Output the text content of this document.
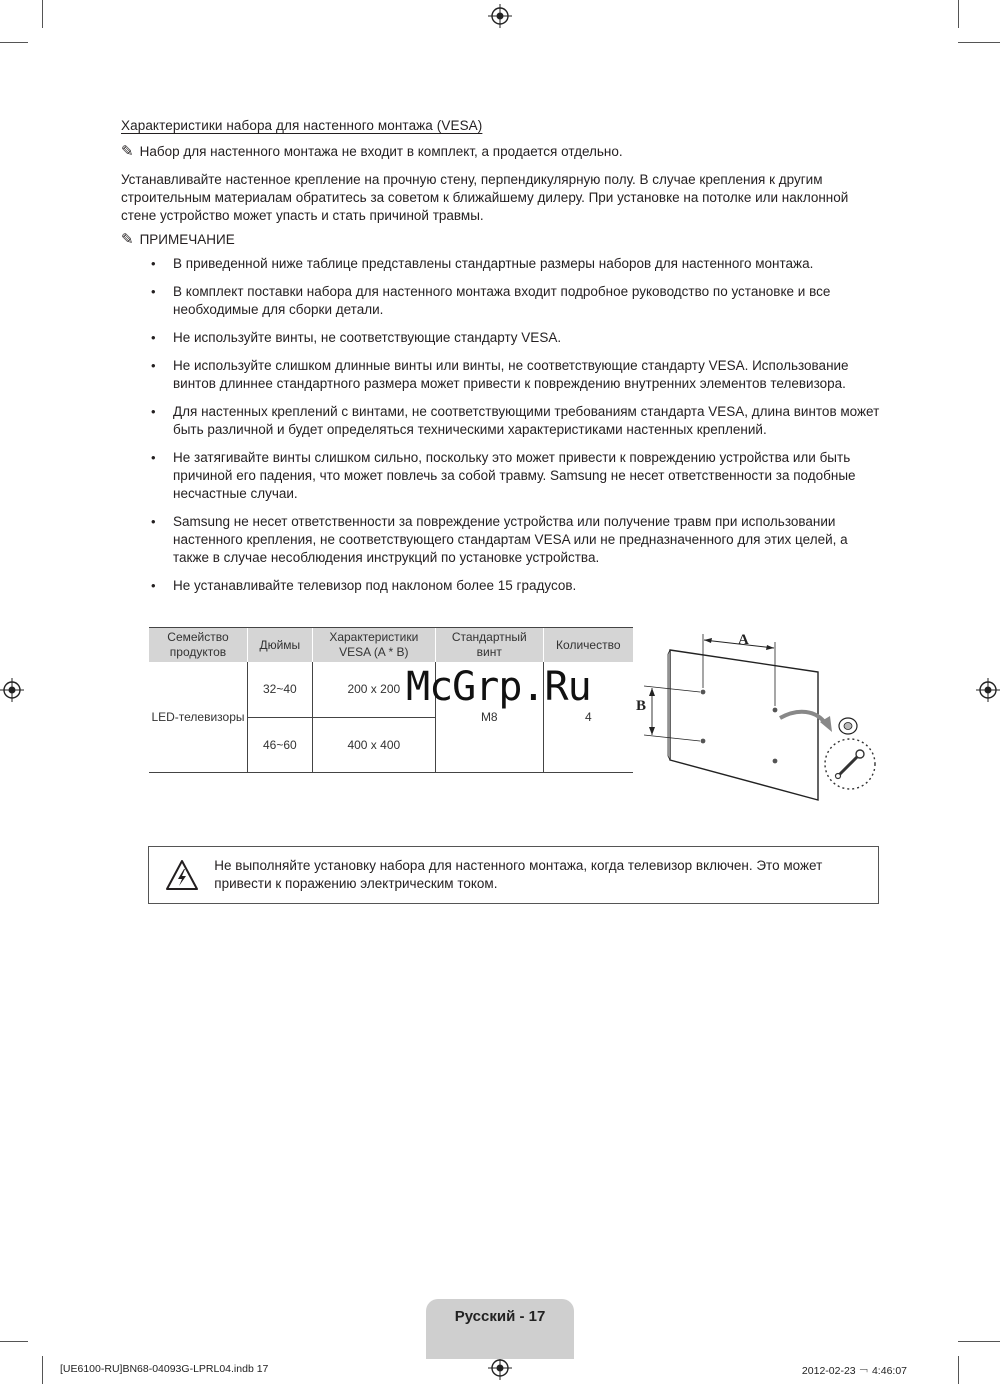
Характеристики набора для настенного монтажа (VESA)
✎ Набор для настенного монтажа не входит в комплект, а продается отдельно.

Устанавливайте настенное крепление на прочную стену, перпендикулярную полу. В случае крепления к другим строительным материалам обратитесь за советом к ближайшему дилеру. При установке на потолке или наклонной стене устройство может упасть и стать причиной травмы.

✎ ПРИМЕЧАНИЕ
• В приведенной ниже таблице представлены стандартные размеры наборов для настенного монтажа.
• В комплект поставки набора для настенного монтажа входит подробное руководство по установке и все необходимые для сборки детали.
• Не используйте винты, не соответствующие стандарту VESA.
• Не используйте слишком длинные винты или винты, не соответствующие стандарту VESA. Использование винтов длиннее стандартного размера может привести к повреждению внутренних элементов телевизора.
• Для настенных креплений с винтами, не соответствующими требованиям стандарта VESA, длина винтов может быть различной и будет определяться техническими характеристиками настенных креплений.
• Не затягивайте винты слишком сильно, поскольку это может привести к повреждению устройства или быть причиной его падения, что может повлечь за собой травму. Samsung не несет ответственности за подобные несчастные случаи.
• Samsung не несет ответственности за повреждение устройства или получение травм при использовании настенного крепления, не соответствующего стандартам VESA или не предназначенного для этих целей, а также в случае несоблюдения инструкций по установке устройства.
• Не устанавливайте телевизор под наклоном более 15 градусов.
Семейство продуктов	Дюймы	Характеристики VESA (A * B)	Стандартный винт	Количество
LED-телевизоры	32~40	200 x 200	M8	4
	46~60	400 x 400		
McGrp.Ru
A
B
Не выполняйте установку набора для настенного монтажа, когда телевизор включен. Это может привести к поражению электрическим током.
Русский - 17
[UE6100-RU]BN68-04093G-LPRL04.indb 17	2012-02-23 ￢ 4:46:07
